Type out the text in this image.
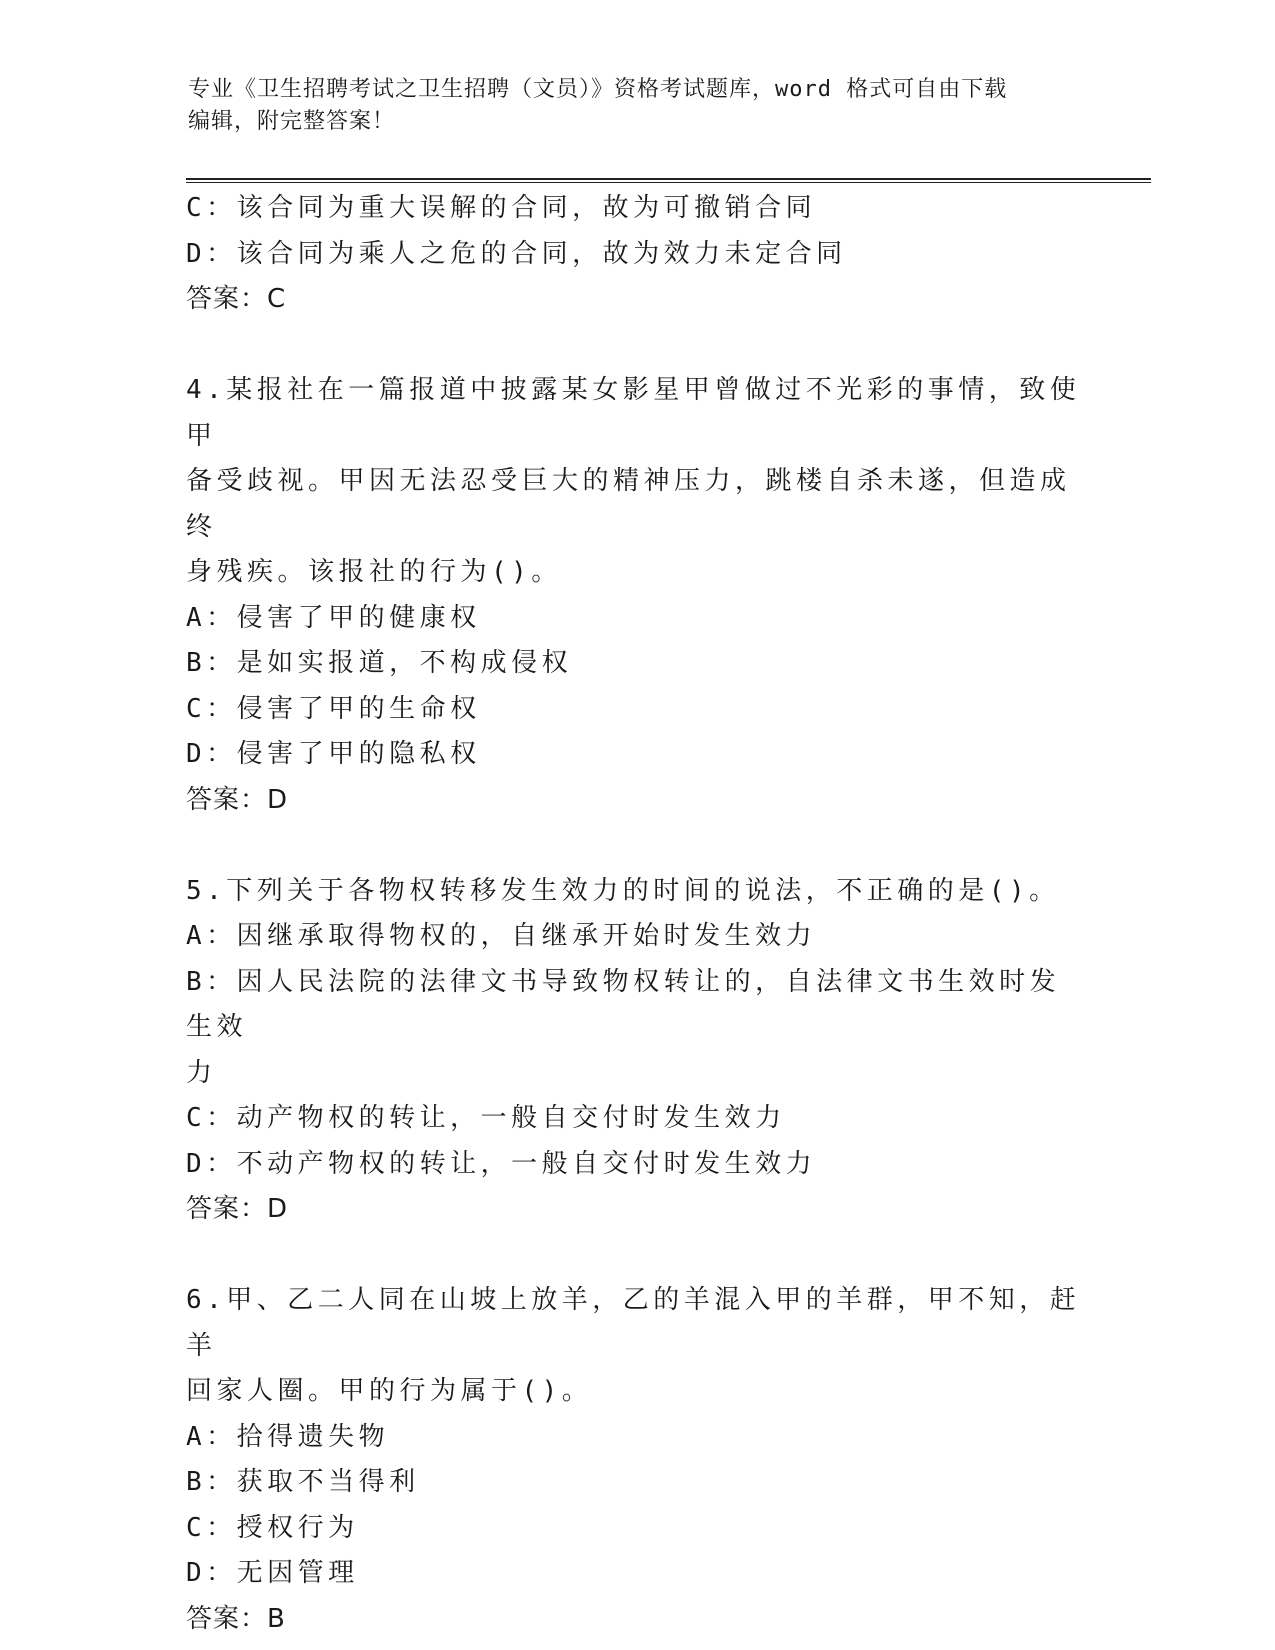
专业《卫生招聘考试之卫生招聘（文员）》资格考试题库，word 格式可自由下载
编辑，附完整答案！
C：该合同为重大误解的合同，故为可撤销合同
D：该合同为乘人之危的合同，故为效力未定合同
答案：C
4.某报社在一篇报道中披露某女影星甲曾做过不光彩的事情，致使甲
备受歧视。甲因无法忍受巨大的精神压力，跳楼自杀未遂，但造成终
身残疾。该报社的行为()。
A：侵害了甲的健康权
B：是如实报道，不构成侵权
C：侵害了甲的生命权
D：侵害了甲的隐私权
答案：D
5.下列关于各物权转移发生效力的时间的说法，不正确的是()。
A：因继承取得物权的，自继承开始时发生效力
B：因人民法院的法律文书导致物权转让的，自法律文书生效时发生效
力
C：动产物权的转让，一般自交付时发生效力
D：不动产物权的转让，一般自交付时发生效力
答案：D
6.甲、乙二人同在山坡上放羊，乙的羊混入甲的羊群，甲不知，赶羊
回家人圈。甲的行为属于()。
A：拾得遗失物
B：获取不当得利
C：授权行为
D：无因管理
答案：B
